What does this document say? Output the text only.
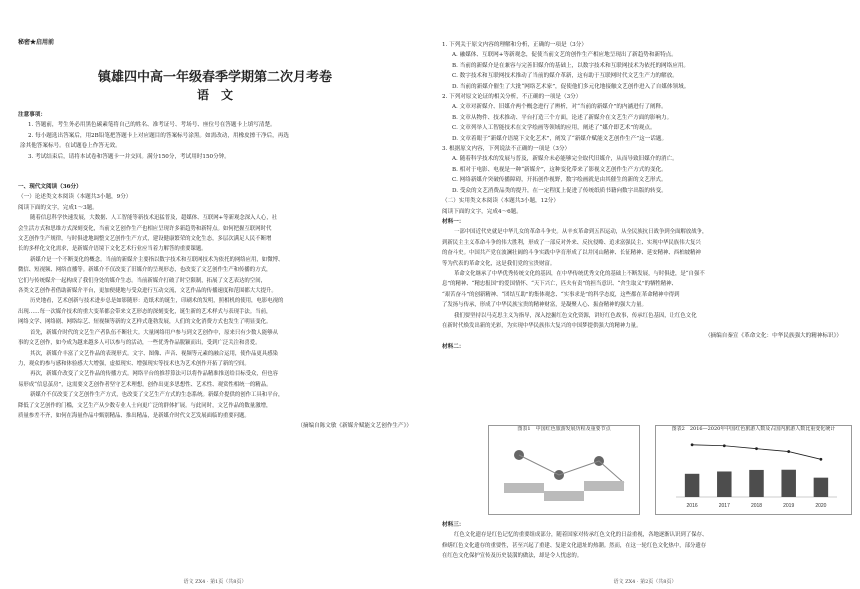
秘密★启用前
镇雄四中高一年级春季学期第二次月考卷
语　文
注意事项：
1. 答题前，考生务必用黑色碳素笔将自己的姓名、准考证号、考场号、座位号在答题卡上填写清楚。
2. 每小题选出答案后，用2B铅笔把答题卡上对应题目的答案标号涂黑。如需改动，用橡皮擦干净后，再选
涂其他答案标号。在试题卷上作答无效。
3. 考试结束后，请将本试卷和答题卡一并交回。满分150分，考试用时150分钟。
一、现代文阅读（36分）
（一）论述类文本阅读（本题共3小题，9分）
阅读下面的文字，完成1～3题。

随着信息科学快速发展，大数据、人工智能等新技术迅猛普及，超媒体、互联网+等新观念深入人心，社

会生活方式和思维方式深刻变化，当前文艺创作生产也相应呈现许多新趋势和新特点。如何把握互联网时代

文艺创作生产规律，与时俱进地调整文艺创作生产方式，建设健康繁荣的文化生态，多层次满足人民不断增

长的多样化文化需求，是新媒介语境下文化艺术行业应当着力解答的重要课题。

新媒介是一个不断变化的概念。当前的新媒介主要指以数字技术和互联网技术为依托的网络应用，如微博、

微信、短视频、网络直播等。新媒介不仅改变了旧媒介的呈现形态，也改变了文艺创作生产和传播的方式，

它们与传统媒介一起构成了我们身处的媒介生态。当前新媒介打破了时空限制，拓展了文艺表达的空间，

各类文艺创作者借助新媒介平台，更加便捷地与受众进行互动交流，文艺作品的传播速度和范围都大大提升。

历史地看，艺术创新与技术进步总是如影随形：造纸术的诞生，印刷术的发明，照相机的使用，电影电视的

出现……每一次媒介技术的重大变革都会带来文艺形态的深刻变化，诞生新的艺术样式与表现手法。当前，

网络文学、网络剧、网络综艺、短视频等新的文艺样式蓬勃发展，人们的文化消费方式也发生了明显变化。

首先，新媒介时代的文艺生产者队伍不断壮大。大量网络用户参与到文艺创作中，原来只有少数人能够从

事的文艺创作，如今成为越来越多人可以参与的活动，一些优秀作品脱颖而出，受到广泛关注和喜爱。

其次，新媒介丰富了文艺作品的表现形式。文字、图像、声音、视频等元素的融合运用，使作品更具感染

力，观众的参与感和体验感大大增强，虚拟现实、增强现实等技术也为艺术创作开拓了新的空间。

再次，新媒介改变了文艺作品的传播方式。网络平台的推荐算法可以将作品精准推送给目标受众，但也容

易形成“信息茧房”，这需要文艺创作者坚守艺术理想，创作出更多思想性、艺术性、观赏性相统一的精品。

新媒介不仅改变了文艺创作生产方式，也改变了文艺生产方式的生态系统。新媒介提供的创作工具和平台，

降低了文艺创作的门槛，文艺生产从少数专业人士向更广泛的群体扩展。与此同时，文艺作品的数量激增，

质量参差不齐，如何在海量作品中甄别精品、推出精品，是新媒介时代文艺发展面临的重要问题。

（摘编自陈文敏《新媒介赋能文艺创作生产》）
语文 ZX4 · 第1页（共8页）
1. 下列关于原文内容的理解和分析，正确的一项是（3分）
A. 融媒体、互联网+等新观念，促使当前文艺的创作生产相应地呈现出了新趋势和新特点。
B. 当前的新媒介是在兼容与完善旧媒介的基础上，以数字技术和互联网技术为依托的网络应用。
C. 数字技术和互联网技术推动了当前的媒介革新，这有助于互联网时代文艺生产力的解放。
D. 当前的新媒介催生了大批“网络艺术家”，促使他们多元化地接触文艺创作进入了自媒体领域。
2. 下列对原文论证的相关分析，不正确的一项是（3分）
A. 文章对新媒介、旧媒介两个概念进行了辨析，对“当前的新媒介”的内涵进行了阐释。
B. 文章从物件、技术推动、平台打造三个方面，论述了新媒介在文艺生产方面的影响力。
C. 文章列举人工智能技术在文学绘画等领域的应用，阐述了“媒介即艺术”的观点。
D. 文章着眼于“新媒介语境下文化艺术”，阐发了“新媒介赋能文艺创作生产”这一话题。
3. 根据原文内容，下列说法不正确的一项是（3分）
A. 随着科学技术的发展与普及，新媒介未必能够完全取代旧媒介，从而导致旧媒介的消亡。
B. 相对于电影、电视是一种“新媒介”，这种变化带来了影视文艺创作生产方式的变化。
C. 网络新媒介突破传播障碍，开拓创作视野，数字绘画就是由其催生的新的文艺形式。
D. 受众的文艺消费品类的提升，在一定程度上促进了传统纸质书籍向数字出版的转变。
（二）实用类文本阅读（本题共3小题，12分）
阅读下面的文字，完成4～6题。
材料一：

一部中国近代史就是中华儿女的革命斗争史。从辛亥革命到五四运动，从全民族抗日战争到全面解放战争，

到新民主主义革命斗争的伟大胜利，形成了一部反对外来、反抗侵略、追求富强民主、实现中华民族伟大复兴

的奋斗史。中国共产党在波澜壮阔的斗争实践中孕育形成了以井冈山精神、长征精神、延安精神、西柏坡精神

等为代表的革命文化，这是我们党的宝贵财富。

革命文化继承了中华优秀传统文化的基因，在中华传统优秀文化的基础上不断发展，与时俱进，是“自强不

息”的精神、“精忠报国”的爱国情怀、“天下兴亡，匹夫有责”的担当意识、“舍生取义”的牺牲精神、

“艰苦奋斗”的创新精神、“团结互助”的集体观念、“实事求是”的科学态度，这些都在革命精神中得到

了发扬与传承，形成了中华民族宝贵的精神财富，是凝聚人心、振奋精神的强大力量。

我们要坚持以马克思主义为指导，深入挖掘红色文化资源，讲好红色故事，传承红色基因，让红色文化

在新时代焕发出新的光彩，为实现中华民族伟大复兴的中国梦提供强大的精神力量。

（摘编自秦宣《革命文化：中华民族强大的精神标识》）
材料二：
图表1　中国红色旅游发展历程及重要节点	图表2　2016—2020年中国红色旅游人数及占国内旅游人数比重变化统计
2016	2017	2018	2019	2020
材料三：

红色文化遗存是红色记忆的重要组成部分，随着国家对传承红色文化的日益重视，各地逐渐认识到了保存、

修缮红色文化遗存的重要性，甚至兴起了重建、复建文化遗址的热潮。然而，在这一轮红色文化热中，部分遗存

在红色文化保护宣传及历史装潢的做法，却是令人忧虑的。

语文 ZX4 · 第2页（共8页）
